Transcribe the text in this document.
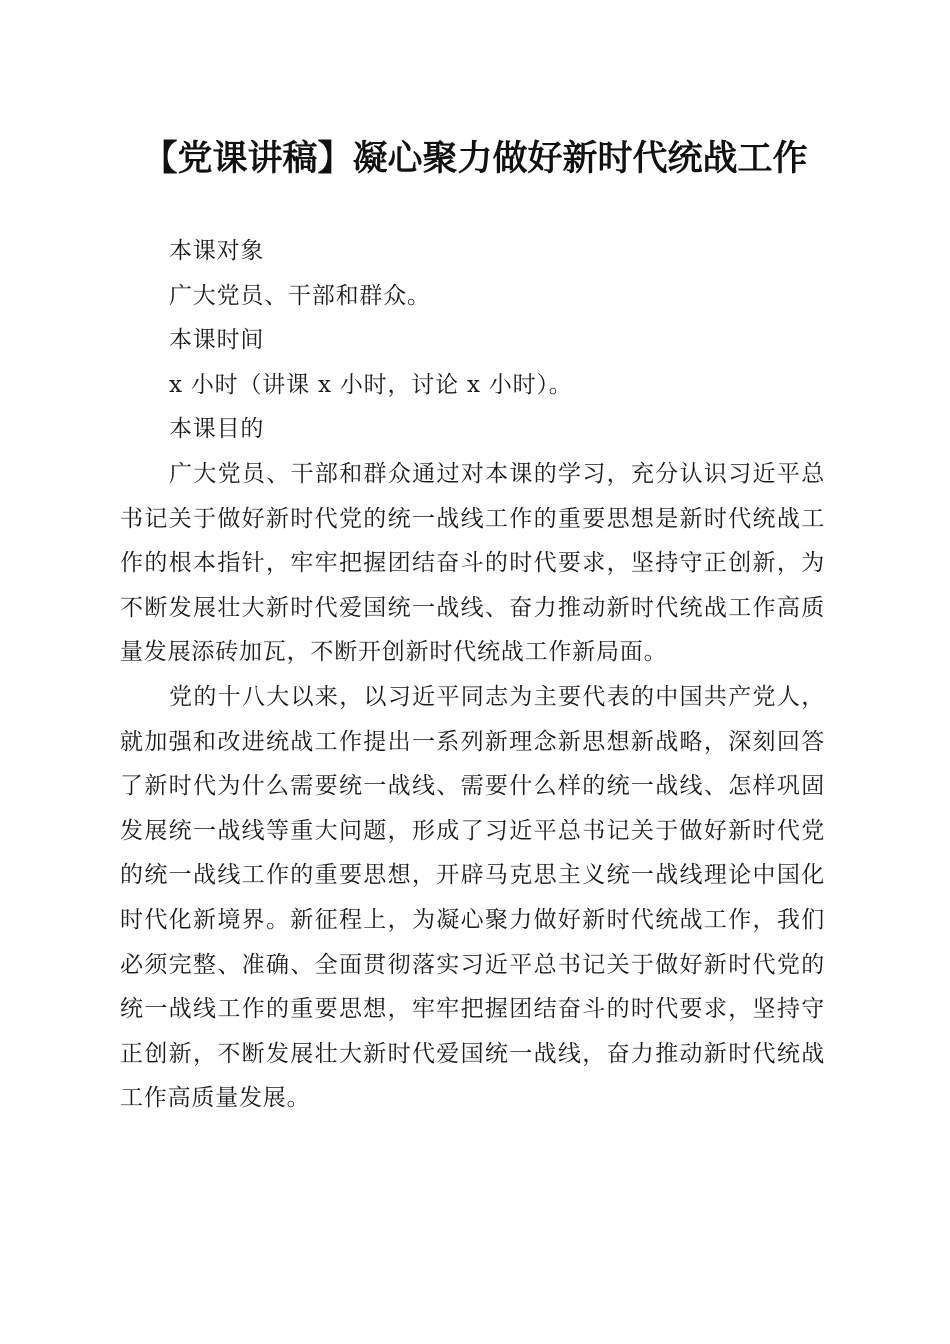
【党课讲稿】凝心聚力做好新时代统战工作

本课对象

广大党员、干部和群众。

本课时间

x 小时（讲课 x 小时，讨论 x 小时）。

本课目的

广大党员、干部和群众通过对本课的学习，充分认识习近平总书记关于做好新时代党的统一战线工作的重要思想是新时代统战工作的根本指针，牢牢把握团结奋斗的时代要求，坚持守正创新，为不断发展壮大新时代爱国统一战线、奋力推动新时代统战工作高质量发展添砖加瓦，不断开创新时代统战工作新局面。

党的十八大以来，以习近平同志为主要代表的中国共产党人，就加强和改进统战工作提出一系列新理念新思想新战略，深刻回答了新时代为什么需要统一战线、需要什么样的统一战线、怎样巩固发展统一战线等重大问题，形成了习近平总书记关于做好新时代党的统一战线工作的重要思想，开辟马克思主义统一战线理论中国化时代化新境界。新征程上，为凝心聚力做好新时代统战工作，我们必须完整、准确、全面贯彻落实习近平总书记关于做好新时代党的统一战线工作的重要思想，牢牢把握团结奋斗的时代要求，坚持守正创新，不断发展壮大新时代爱国统一战线，奋力推动新时代统战工作高质量发展。
